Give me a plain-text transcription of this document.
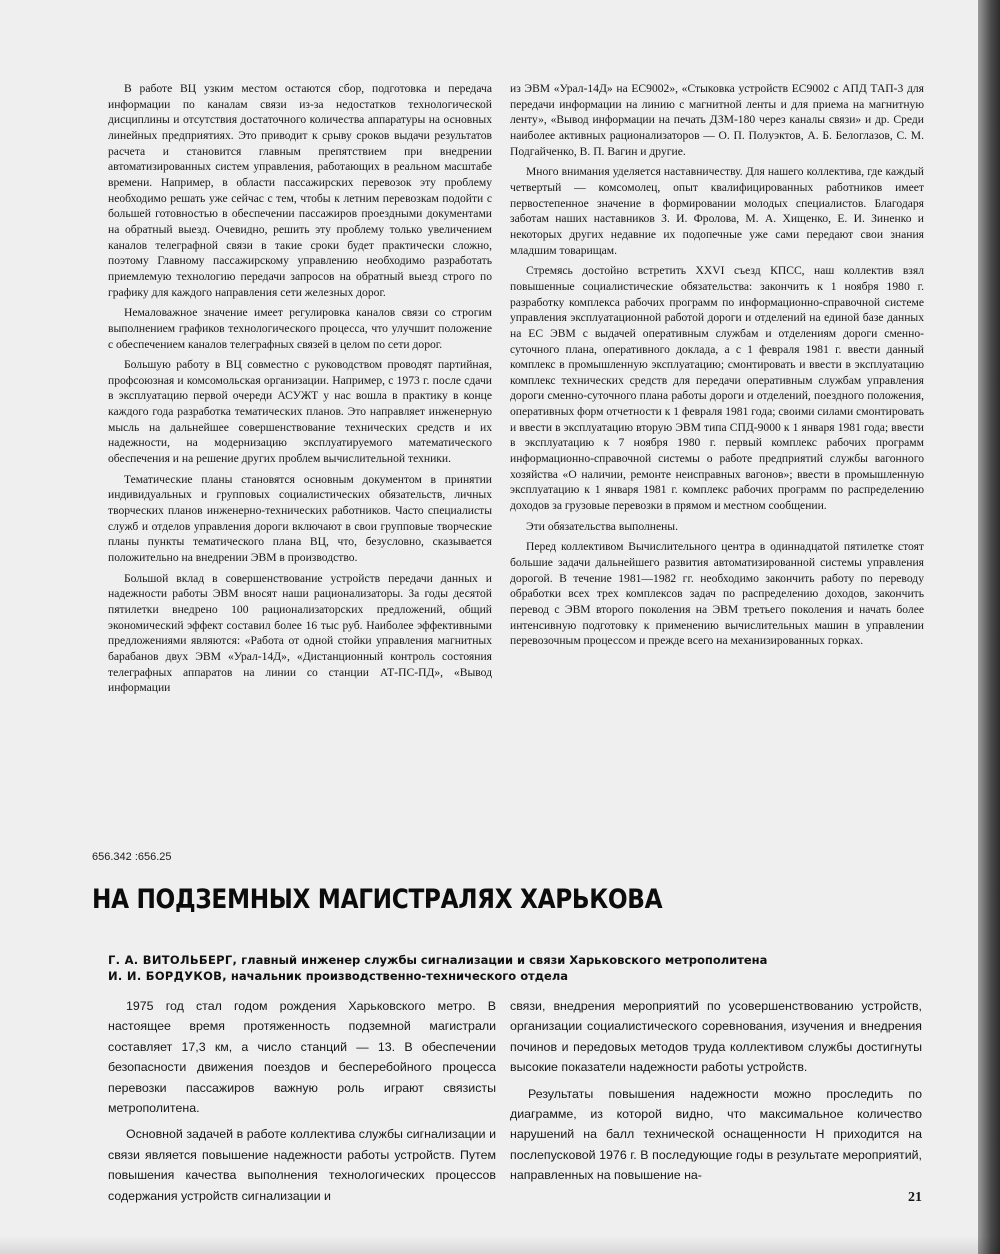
В работе ВЦ узким местом остаются сбор, подготовка и передача информации по каналам связи из-за недостатков технологической дисциплины и отсутствия достаточного количества аппаратуры на основных линейных предприятиях. Это приводит к срыву сроков выдачи результатов расчета и становится главным препятствием при внедрении автоматизированных систем управления, работающих в реальном масштабе времени. Например, в области пассажирских перевозок эту проблему необходимо решать уже сейчас с тем, чтобы к летним перевозкам подойти с большей готовностью в обеспечении пассажиров проездными документами на обратный выезд. Очевидно, решить эту проблему только увеличением каналов телеграфной связи в такие сроки будет практически сложно, поэтому Главному пассажирскому управлению необходимо разработать приемлемую технологию передачи запросов на обратный выезд строго по графику для каждого направления сети железных дорог.

Немаловажное значение имеет регулировка каналов связи со строгим выполнением графиков технологического процесса, что улучшит положение с обеспечением каналов телеграфных связей в целом по сети дорог.

Большую работу в ВЦ совместно с руководством проводят партийная, профсоюзная и комсомольская организации. Например, с 1973 г. после сдачи в эксплуатацию первой очереди АСУЖТ у нас вошла в практику в конце каждого года разработка тематических планов. Это направляет инженерную мысль на дальнейшее совершенствование технических средств и их надежности, на модернизацию эксплуатируемого математического обеспечения и на решение других проблем вычислительной техники.

Тематические планы становятся основным документом в принятии индивидуальных и групповых социалистических обязательств, личных творческих планов инженерно-технических работников. Часто специалисты служб и отделов управления дороги включают в свои групповые творческие планы пункты тематического плана ВЦ, что, безусловно, сказывается положительно на внедрении ЭВМ в производство.

Большой вклад в совершенствование устройств передачи данных и надежности работы ЭВМ вносят наши рационализаторы. За годы десятой пятилетки внедрено 100 рационализаторских предложений, общий экономический эффект составил более 16 тыс руб. Наиболее эффективными предложениями являются: «Работа от одной стойки управления магнитных барабанов двух ЭВМ «Урал-14Д», «Дистанционный контроль состояния телеграфных аппаратов на линии со станции АТ-ПС-ПД», «Вывод информации

из ЭВМ «Урал-14Д» на ЕС9002», «Стыковка устройств ЕС9002 с АПД ТАП-3 для передачи информации на линию с магнитной ленты и для приема на магнитную ленту», «Вывод информации на печать ДЗМ-180 через каналы связи» и др. Среди наиболее активных рационализаторов — О. П. Полуэктов, А. Б. Белоглазов, С. М. Подгайченко, В. П. Вагин и другие.

Много внимания уделяется наставничеству. Для нашего коллектива, где каждый четвертый — комсомолец, опыт квалифицированных работников имеет первостепенное значение в формировании молодых специалистов. Благодаря заботам наших наставников З. И. Фролова, М. А. Хищенко, Е. И. Зиненко и некоторых других недавние их подопечные уже сами передают свои знания младшим товарищам.

Стремясь достойно встретить XXVI съезд КПСС, наш коллектив взял повышенные социалистические обязательства: закончить к 1 ноября 1980 г. разработку комплекса рабочих программ по информационно-справочной системе управления эксплуатационной работой дороги и отделений на единой базе данных на ЕС ЭВМ с выдачей оперативным службам и отделениям дороги сменно-суточного плана, оперативного доклада, а с 1 февраля 1981 г. ввести данный комплекс в промышленную эксплуатацию; смонтировать и ввести в эксплуатацию комплекс технических средств для передачи оперативным службам управления дороги сменно-суточного плана работы дороги и отделений, поездного положения, оперативных форм отчетности к 1 февраля 1981 года; своими силами смонтировать и ввести в эксплуатацию вторую ЭВМ типа СПД-9000 к 1 января 1981 года; ввести в эксплуатацию к 7 ноября 1980 г. первый комплекс рабочих программ информационно-справочной системы о работе предприятий службы вагонного хозяйства «О наличии, ремонте неисправных вагонов»; ввести в промышленную эксплуатацию к 1 января 1981 г. комплекс рабочих программ по распределению доходов за грузовые перевозки в прямом и местном сообщении.

Эти обязательства выполнены.

Перед коллективом Вычислительного центра в одиннадцатой пятилетке стоят большие задачи дальнейшего развития автоматизированной системы управления дорогой. В течение 1981—1982 гг. необходимо закончить работу по переводу обработки всех трех комплексов задач по распределению доходов, закончить перевод с ЭВМ второго поколения на ЭВМ третьего поколения и начать более интенсивную подготовку к применению вычислительных машин в управлении перевозочным процессом и прежде всего на механизированных горках.

656.342 :656.25
НА ПОДЗЕМНЫХ МАГИСТРАЛЯХ ХАРЬКОВА
Г. А. ВИТОЛЬБЕРГ, главный инженер службы сигнализации и связи Харьковского метрополитена
И. И. БОРДУКОВ, начальник производственно-технического отдела

1975 год стал годом рождения Харьковского метро. В настоящее время протяженность подземной магистрали составляет 17,3 км, а число станций — 13. В обеспечении безопасности движения поездов и бесперебойного процесса перевозки пассажиров важную роль играют связисты метрополитена.

Основной задачей в работе коллектива службы сигнализации и связи является повышение надежности работы устройств. Путем повышения качества выполнения технологических процессов содержания устройств сигнализации и

связи, внедрения мероприятий по усовершенствованию устройств, организации социалистического соревнования, изучения и внедрения починов и передовых методов труда коллективом службы достигнуты высокие показатели надежности работы устройств.

Результаты повышения надежности можно проследить по диаграмме, из которой видно, что максимальное количество нарушений на балл технической оснащенности Н приходится на послепусковой 1976 г. В последующие годы в результате мероприятий, направленных на повышение на-

21
